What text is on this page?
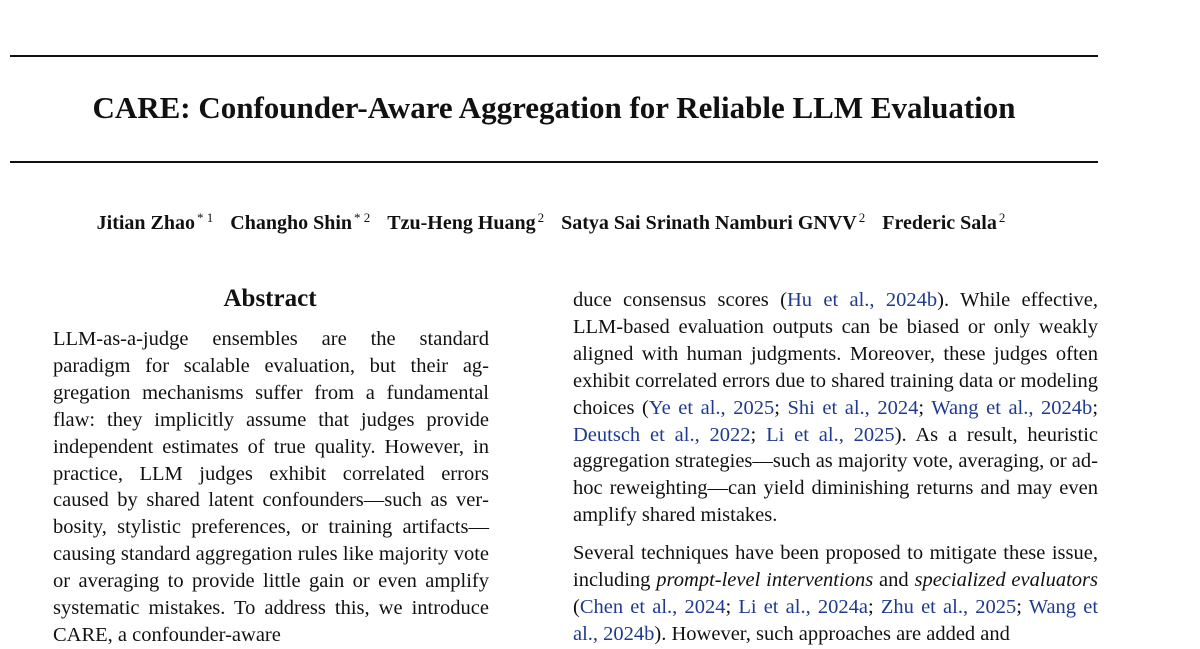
CARE: Confounder-Aware Aggregation for Reliable LLM Evaluation
Jitian Zhao $^{* 1}$ Changho Shin $^{* 2}$ Tzu-Heng Huang $^2$ Satya Sai Srinath Namburi GNVV $^2$ Frederic Sala $^2$
Abstract

LLM-as-a-judge ensembles are the standard paradigm for scalable evaluation, but their aggregation mechanisms suffer from a fundamental flaw: they implicitly assume that judges provide independent estimates of true quality. However, in practice, LLM judges exhibit correlated errors caused by shared latent confounders—such as verbosity, stylistic preferences, or training artifacts—causing standard aggregation rules like majority vote or averaging to provide little gain or even amplify systematic mistakes. To address this, we introduce CARE, a confounder-aware

duce consensus scores (Hu et al., 2024b). While effective, LLM-based evaluation outputs can be biased or only weakly aligned with human judgments. Moreover, these judges often exhibit correlated errors due to shared training data or modeling choices (Ye et al., 2025; Shi et al., 2024; Wang et al., 2024b; Deutsch et al., 2022; Li et al., 2025). As a result, heuristic aggregation strategies—such as majority vote, averaging, or ad-hoc reweighting—can yield diminishing returns and may even amplify shared mistakes.

Several techniques have been proposed to mitigate these issue, including prompt-level interventions and specialized evaluators (Chen et al., 2024; Li et al., 2024a; Zhu et al., 2025; Wang et al., 2024b). However, such approaches are added and
